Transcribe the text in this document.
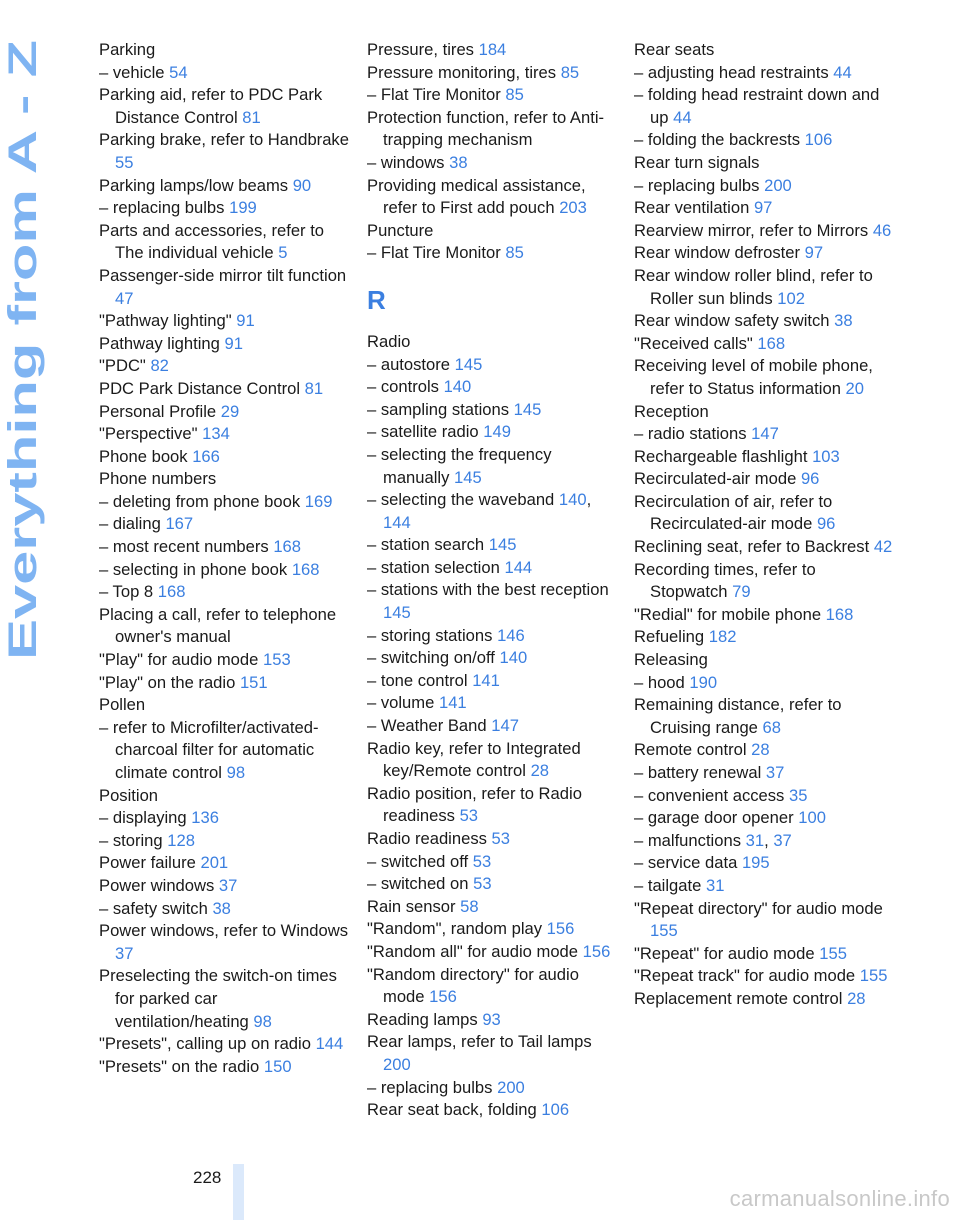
Everything from A - Z
Parking
– vehicle 54
Parking aid, refer to PDC Park Distance Control 81
Parking brake, refer to Handbrake 55
Parking lamps/low beams 90
– replacing bulbs 199
Parts and accessories, refer to The individual vehicle 5
Passenger-side mirror tilt function 47
"Pathway lighting" 91
Pathway lighting 91
"PDC" 82
PDC Park Distance Control 81
Personal Profile 29
"Perspective" 134
Phone book 166
Phone numbers
– deleting from phone book 169
– dialing 167
– most recent numbers 168
– selecting in phone book 168
– Top 8 168
Placing a call, refer to telephone owner's manual
"Play" for audio mode 153
"Play" on the radio 151
Pollen
– refer to Microfilter/activated-charcoal filter for automatic climate control 98
Position
– displaying 136
– storing 128
Power failure 201
Power windows 37
– safety switch 38
Power windows, refer to Windows 37
Preselecting the switch-on times for parked car ventilation/heating 98
"Presets", calling up on radio 144
"Presets" on the radio 150
Pressure, tires 184
Pressure monitoring, tires 85
– Flat Tire Monitor 85
Protection function, refer to Anti-trapping mechanism
– windows 38
Providing medical assistance, refer to First add pouch 203
Puncture
– Flat Tire Monitor 85
R
Radio
– autostore 145
– controls 140
– sampling stations 145
– satellite radio 149
– selecting the frequency manually 145
– selecting the waveband 140, 144
– station search 145
– station selection 144
– stations with the best reception 145
– storing stations 146
– switching on/off 140
– tone control 141
– volume 141
– Weather Band 147
Radio key, refer to Integrated key/Remote control 28
Radio position, refer to Radio readiness 53
Radio readiness 53
– switched off 53
– switched on 53
Rain sensor 58
"Random", random play 156
"Random all" for audio mode 156
"Random directory" for audio mode 156
Reading lamps 93
Rear lamps, refer to Tail lamps 200
– replacing bulbs 200
Rear seat back, folding 106
Rear seats
– adjusting head restraints 44
– folding head restraint down and up 44
– folding the backrests 106
Rear turn signals
– replacing bulbs 200
Rear ventilation 97
Rearview mirror, refer to Mirrors 46
Rear window defroster 97
Rear window roller blind, refer to Roller sun blinds 102
Rear window safety switch 38
"Received calls" 168
Receiving level of mobile phone, refer to Status information 20
Reception
– radio stations 147
Rechargeable flashlight 103
Recirculated-air mode 96
Recirculation of air, refer to Recirculated-air mode 96
Reclining seat, refer to Backrest 42
Recording times, refer to Stopwatch 79
"Redial" for mobile phone 168
Refueling 182
Releasing
– hood 190
Remaining distance, refer to Cruising range 68
Remote control 28
– battery renewal 37
– convenient access 35
– garage door opener 100
– malfunctions 31, 37
– service data 195
– tailgate 31
"Repeat directory" for audio mode 155
"Repeat" for audio mode 155
"Repeat track" for audio mode 155
Replacement remote control 28
228
carmanualsonline.info
